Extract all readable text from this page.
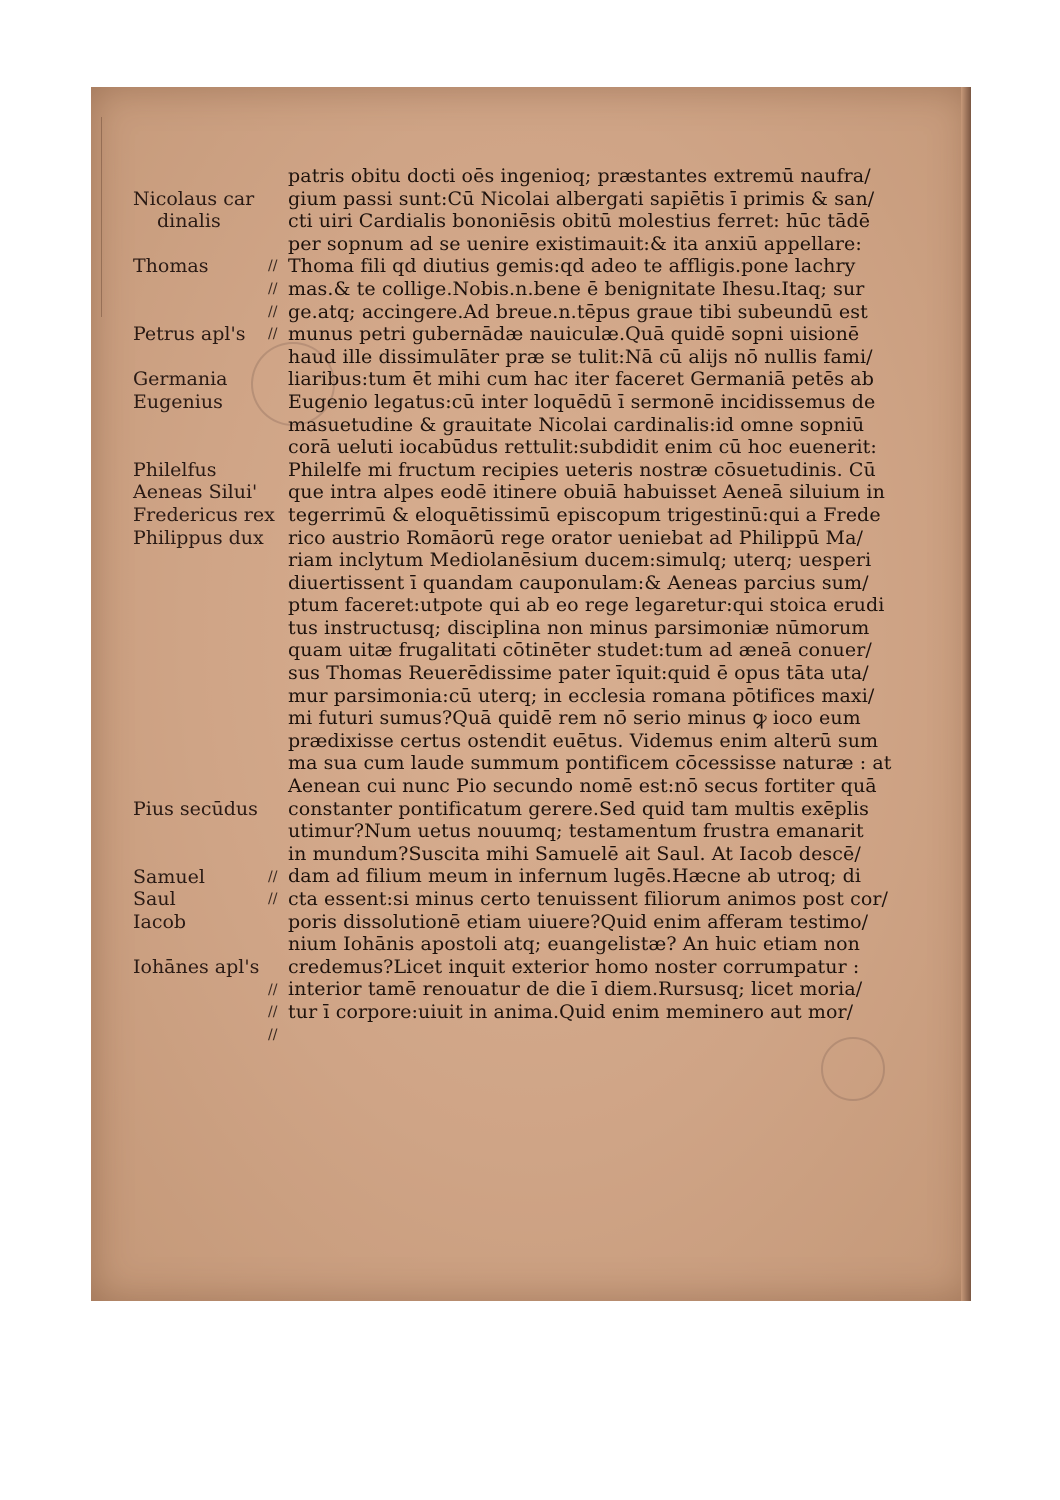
Nicolaus car
dinalis
Thomas
Petrus apl's
Germania
Eugenius
Philelfus
Aeneas Silui'
Fredericus rex
Philippus dux
Pius secūdus
Samuel
Saul
Iacob
Iohānes apl's
//
//
//
//
//
//
//
//
//
patris obitu docti oēs ingenioq; præstantes extremū naufra/
gium passi sunt:Cū Nicolai albergati sapiētis ī primis & san/
cti uiri Cardialis bononiēsis obitū molestius ferret: hūc tādē
per sopnum ad se uenire existimauit:& ita anxiū appellare:
Thoma fili qd diutius gemis:qd adeo te affligis.pone lachry
mas.& te collige.Nobis.n.bene ē benignitate Ihesu.Itaq; sur
ge.atq; accingere.Ad breue.n.tēpus graue tibi subeundū est
munus petri gubernādæ nauiculæ.Quā quidē sopni uisionē
haud ille dissimulāter præ se tulit:Nā cū alijs nō nullis fami/
liaribus:tum ēt mihi cum hac iter faceret Germaniā petēs ab
Eugenio legatus:cū inter loquēdū ī sermonē incidissemus de
masuetudine & grauitate Nicolai cardinalis:id omne sopniū
corā ueluti iocabūdus rettulit:subdidit enim cū hoc euenerit:
Philelfe mi fructum recipies ueteris nostræ cōsuetudinis. Cū
que intra alpes eodē itinere obuiā habuisset Aeneā siluium in
tegerrimū & eloquētissimū episcopum trigestinū:qui a Frede
rico austrio Romāorū rege orator ueniebat ad Philippū Ma/
riam inclytum Mediolanēsium ducem:simulq; uterq; uesperi
diuertissent ī quandam cauponulam:& Aeneas parcius sum/
ptum faceret:utpote qui ab eo rege legaretur:qui stoica erudi
tus instructusq; disciplina non minus parsimoniæ nūmorum
quam uitæ frugalitati cōtinēter studet:tum ad æneā conuer/
sus Thomas Reuerēdissime pater īquit:quid ē opus tāta uta/
mur parsimonia:cū uterq; in ecclesia romana pōtifices maxi/
mi futuri sumus?Quā quidē rem nō serio minus ꝙ ioco eum
prædixisse certus ostendit euētus. Videmus enim alterū sum
ma sua cum laude summum pontificem cōcessisse naturæ : at
Aenean cui nunc Pio secundo nomē est:nō secus fortiter quā
constanter pontificatum gerere.Sed quid tam multis exēplis
utimur?Num uetus nouumq; testamentum frustra emanarit
in mundum?Suscita mihi Samuelē ait Saul. At Iacob descē/
dam ad filium meum in infernum lugēs.Hæcne ab utroq; di
cta essent:si minus certo tenuissent filiorum animos post cor/
poris dissolutionē etiam uiuere?Quid enim afferam testimo/
nium Iohānis apostoli atq; euangelistæ? An huic etiam non
credemus?Licet inquit exterior homo noster corrumpatur :
interior tamē renouatur de die ī diem.Rursusq; licet moria/
tur ī corpore:uiuit in anima.Quid enim meminero aut mor/
